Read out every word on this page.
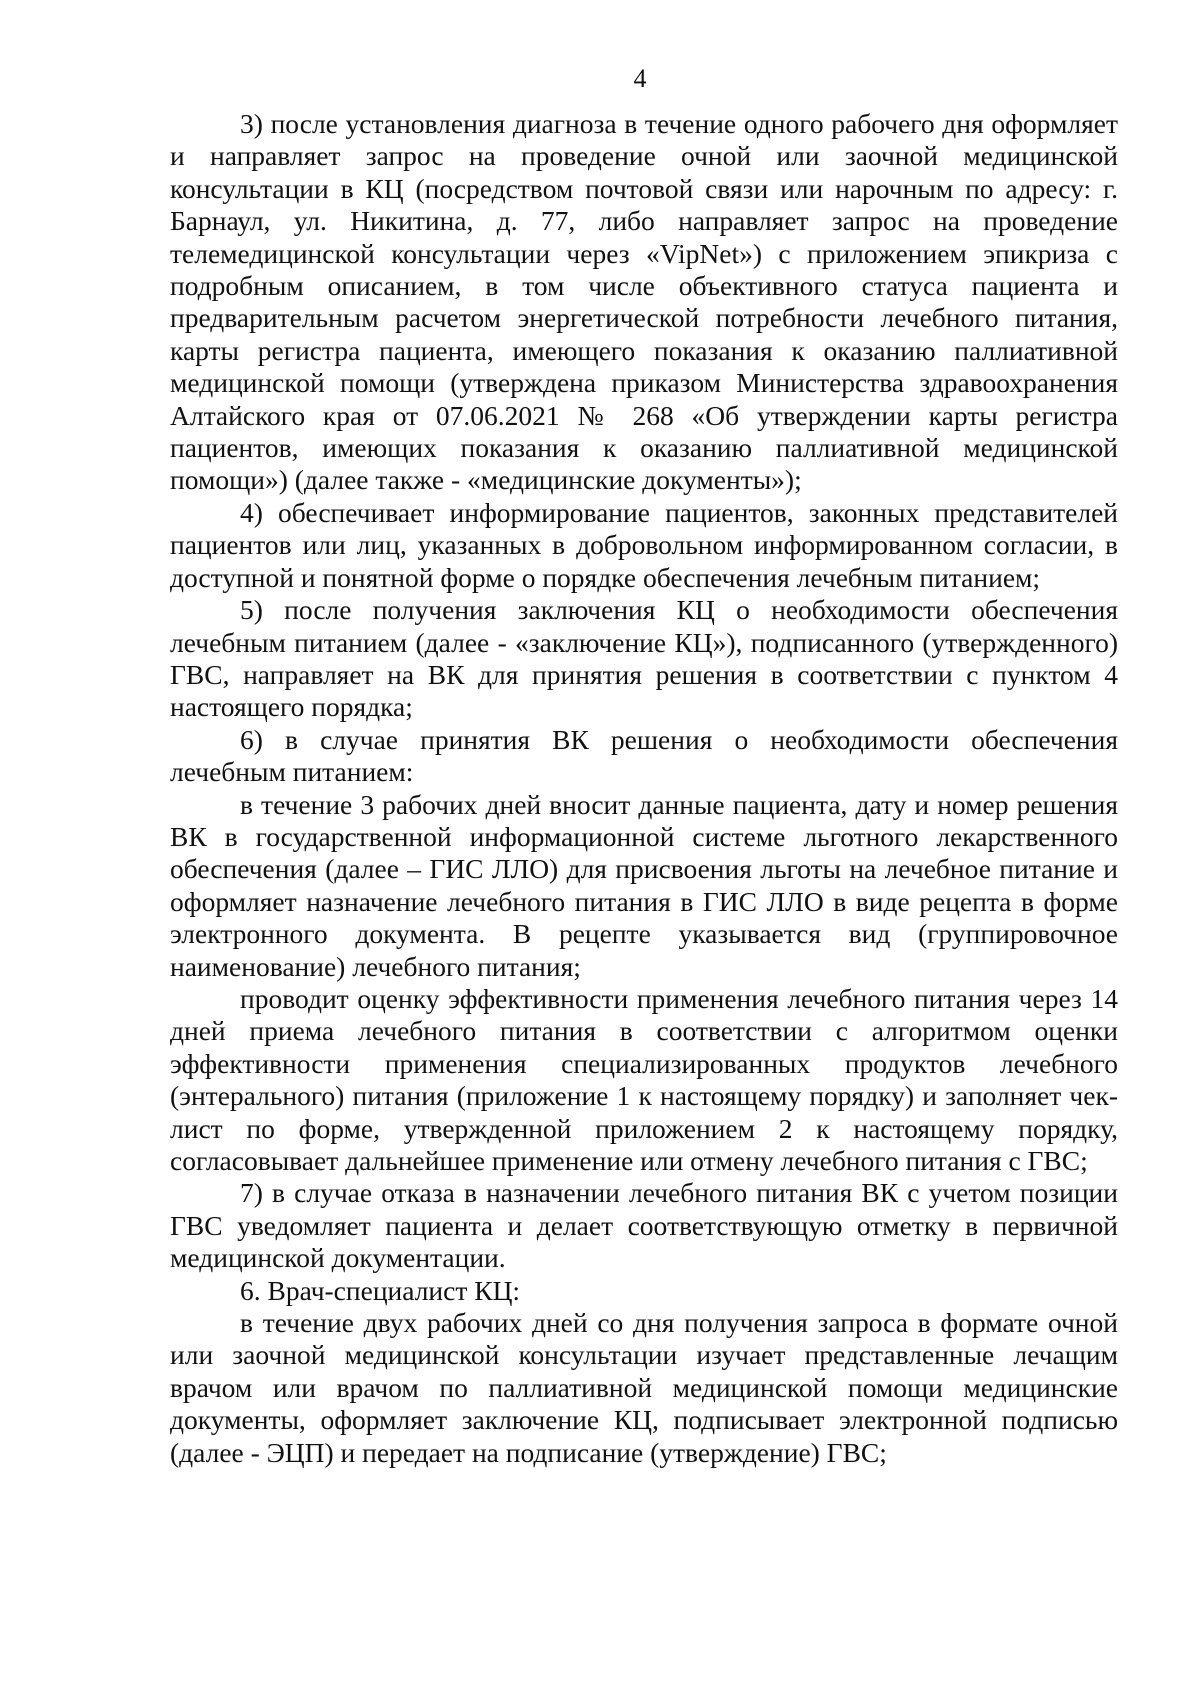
4

3) после установления диагноза в течение одного рабочего дня оформляет и направляет запрос на проведение очной или заочной медицинской консультации в КЦ (посредством почтовой связи или нарочным по адресу: г. Барнаул, ул. Никитина, д. 77, либо направляет запрос на проведение телемедицинской консультации через «VipNet») с приложением эпикриза с подробным описанием, в том числе объективного статуса пациента и предварительным расчетом энергетической потребности лечебного питания, карты регистра пациента, имеющего показания к оказанию паллиативной медицинской помощи (утверждена приказом Министерства здравоохранения Алтайского края от 07.06.2021 № 268 «Об утверждении карты регистра пациентов, имеющих показания к оказанию паллиативной медицинской помощи») (далее также - «медицинские документы»);

4) обеспечивает информирование пациентов, законных представителей пациентов или лиц, указанных в добровольном информированном согласии, в доступной и понятной форме о порядке обеспечения лечебным питанием;

5) после получения заключения КЦ о необходимости обеспечения лечебным питанием (далее - «заключение КЦ»), подписанного (утвержденного) ГВС, направляет на ВК для принятия решения в соответствии с пунктом 4 настоящего порядка;

6) в случае принятия ВК решения о необходимости обеспечения лечебным питанием:

в течение 3 рабочих дней вносит данные пациента, дату и номер решения ВК в государственной информационной системе льготного лекарственного обеспечения (далее – ГИС ЛЛО) для присвоения льготы на лечебное питание и оформляет назначение лечебного питания в ГИС ЛЛО в виде рецепта в форме электронного документа. В рецепте указывается вид (группировочное наименование) лечебного питания;

проводит оценку эффективности применения лечебного питания через 14 дней приема лечебного питания в соответствии с алгоритмом оценки эффективности применения специализированных продуктов лечебного (энтерального) питания (приложение 1 к настоящему порядку) и заполняет чек-лист по форме, утвержденной приложением 2 к настоящему порядку, согласовывает дальнейшее применение или отмену лечебного питания с ГВС;

7) в случае отказа в назначении лечебного питания ВК с учетом позиции ГВС уведомляет пациента и делает соответствующую отметку в первичной медицинской документации.

6. Врач-специалист КЦ:

в течение двух рабочих дней со дня получения запроса в формате очной или заочной медицинской консультации изучает представленные лечащим врачом или врачом по паллиативной медицинской помощи медицинские документы, оформляет заключение КЦ, подписывает электронной подписью (далее - ЭЦП) и передает на подписание (утверждение) ГВС;
